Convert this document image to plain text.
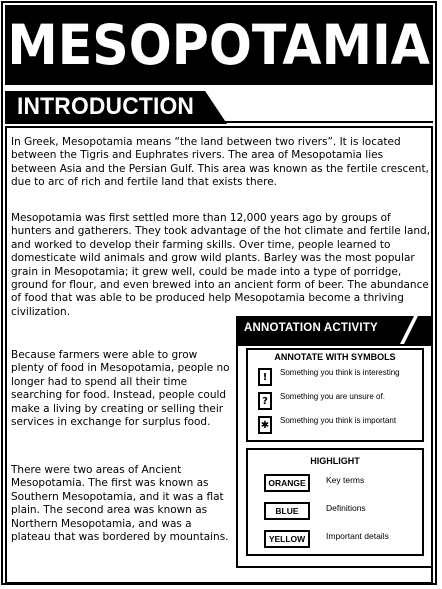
MESOPOTAMIA
INTRODUCTION

In Greek, Mesopotamia means “the land between two rivers”. It is located between the Tigris and Euphrates rivers. The area of Mesopotamia lies between Asia and the Persian Gulf. This area was known as the fertile crescent, due to arc of rich and fertile land that exists there.

Mesopotamia was first settled more than 12,000 years ago by groups of hunters and gatherers. They took advantage of the hot climate and fertile land, and worked to develop their farming skills. Over time, people learned to domesticate wild animals and grow wild plants. Barley was the most popular grain in Mesopotamia; it grew well, could be made into a type of porridge, ground for flour, and even brewed into an ancient form of beer. The abundance of food that was able to be produced help Mesopotamia become a thriving civilization.

Because farmers were able to grow plenty of food in Mesopotamia, people no longer had to spend all their time searching for food. Instead, people could make a living by creating or selling their services in exchange for surplus food.

There were two areas of Ancient Mesopotamia. The first was known as Southern Mesopotamia, and it was a flat plain. The second area was known as Northern Mesopotamia, and was a plateau that was bordered by mountains.

ANNOTATION ACTIVITY
ANNOTATE WITH SYMBOLS
!	Something you think is interesting
?	Something you are unsure of.
✱	Something you think is important
HIGHLIGHT
ORANGE	Key terms
BLUE	Definitions
YELLOW	Important details
